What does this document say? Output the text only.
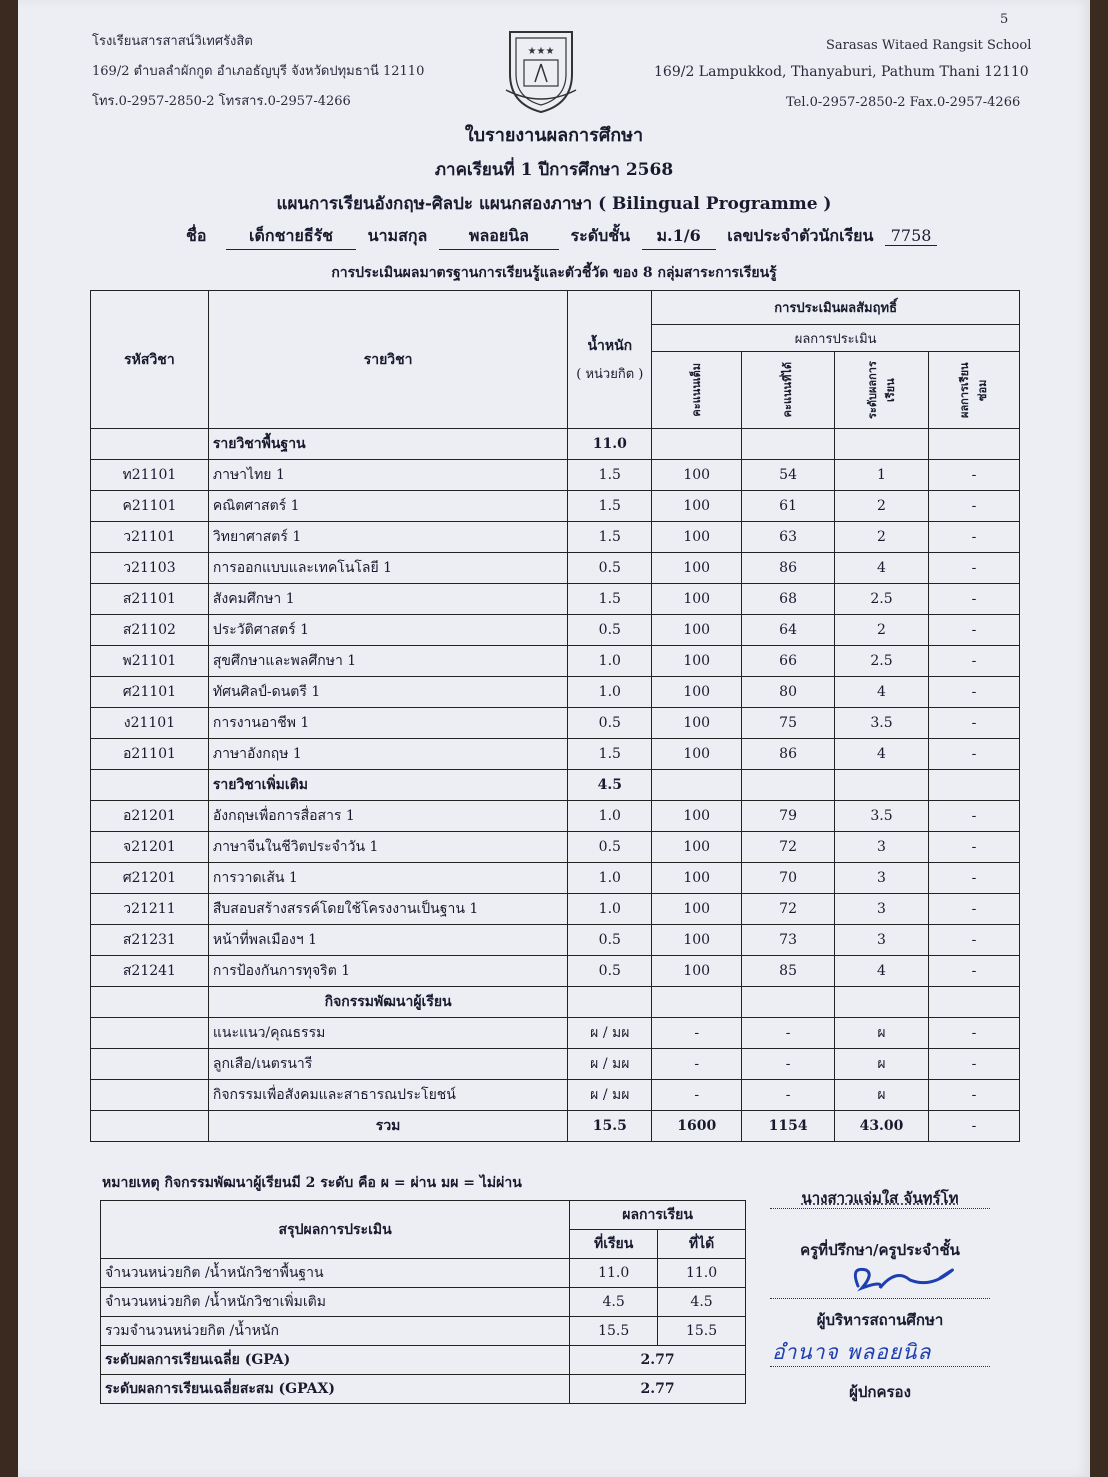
5
โรงเรียนสารสาสน์วิเทศรังสิต
169/2 ตำบลลำผักกูด อำเภอธัญบุรี จังหวัดปทุมธานี 12110
โทร.0-2957-2850-2 โทรสาร.0-2957-4266
Sarasas Witaed Rangsit School
169/2 Lampukkod, Thanyaburi, Pathum Thani 12110
Tel.0-2957-2850-2 Fax.0-2957-4266
★★★
ใบรายงานผลการศึกษา
ภาคเรียนที่ 1 ปีการศึกษา 2568
แผนการเรียนอังกฤษ-ศิลปะ แผนกสองภาษา ( Bilingual Programme )
ชื่อ	เด็กชายธีรัช นามสกุล	พลอยนิล	ระดับชั้น ม.1/6 เลขประจำตัวนักเรียน 7758
การประเมินผลมาตรฐานการเรียนรู้และตัวชี้วัด ของ 8 กลุ่มสาระการเรียนรู้
รหัสวิชา	รายวิชา	น้ำหนัก
( หน่วยกิต )	การประเมินผลสัมฤทธิ์			
			ผลการประเมิน			

			คะแนนเต็ม	คะแนนที่ได้	ระดับผลการเรียน	ผลการเรียนซ่อม

	รายวิชาพื้นฐาน	11.0				
ท21101	ภาษาไทย 1	1.5	100	54	1	-
ค21101	คณิตศาสตร์ 1	1.5	100	61	2	-
ว21101	วิทยาศาสตร์ 1	1.5	100	63	2	-
ว21103	การออกแบบและเทคโนโลยี 1	0.5	100	86	4	-
ส21101	สังคมศึกษา 1	1.5	100	68	2.5	-
ส21102	ประวัติศาสตร์ 1	0.5	100	64	2	-
พ21101	สุขศึกษาและพลศึกษา 1	1.0	100	66	2.5	-
ศ21101	ทัศนศิลป์-ดนตรี 1	1.0	100	80	4	-
ง21101	การงานอาชีพ 1	0.5	100	75	3.5	-
อ21101	ภาษาอังกฤษ 1	1.5	100	86	4	-
	รายวิชาเพิ่มเติม	4.5				
อ21201	อังกฤษเพื่อการสื่อสาร 1	1.0	100	79	3.5	-
จ21201	ภาษาจีนในชีวิตประจำวัน 1	0.5	100	72	3	-
ศ21201	การวาดเส้น 1	1.0	100	70	3	-
ว21211	สืบสอบสร้างสรรค์โดยใช้โครงงานเป็นฐาน 1	1.0	100	72	3	-
ส21231	หน้าที่พลเมืองฯ 1	0.5	100	73	3	-
ส21241	การป้องกันการทุจริต 1	0.5	100	85	4	-
	กิจกรรมพัฒนาผู้เรียน					
	แนะแนว/คุณธรรม	ผ / มผ	-	-	ผ	-
	ลูกเสือ/เนตรนารี	ผ / มผ	-	-	ผ	-
	กิจกรรมเพื่อสังคมและสาธารณประโยชน์	ผ / มผ	-	-	ผ	-
	รวม	15.5	1600	1154	43.00	-
หมายเหตุ กิจกรรมพัฒนาผู้เรียนมี 2 ระดับ คือ ผ = ผ่าน มผ = ไม่ผ่าน
สรุปผลการประเมิน	ผลการเรียน	
	ที่เรียน	ที่ได้
จำนวนหน่วยกิต /น้ำหนักวิชาพื้นฐาน	11.0	11.0
จำนวนหน่วยกิต /น้ำหนักวิชาเพิ่มเติม	4.5	4.5
รวมจำนวนหน่วยกิต /น้ำหนัก	15.5	15.5
ระดับผลการเรียนเฉลี่ย (GPA)	2.77	
ระดับผลการเรียนเฉลี่ยสะสม (GPAX)	2.77	
นางสาวแจ่มใส จันทร์โท
ครูที่ปรึกษา/ครูประจำชั้น
ผู้บริหารสถานศึกษา
อำนาจ พลอยนิล
ผู้ปกครอง
